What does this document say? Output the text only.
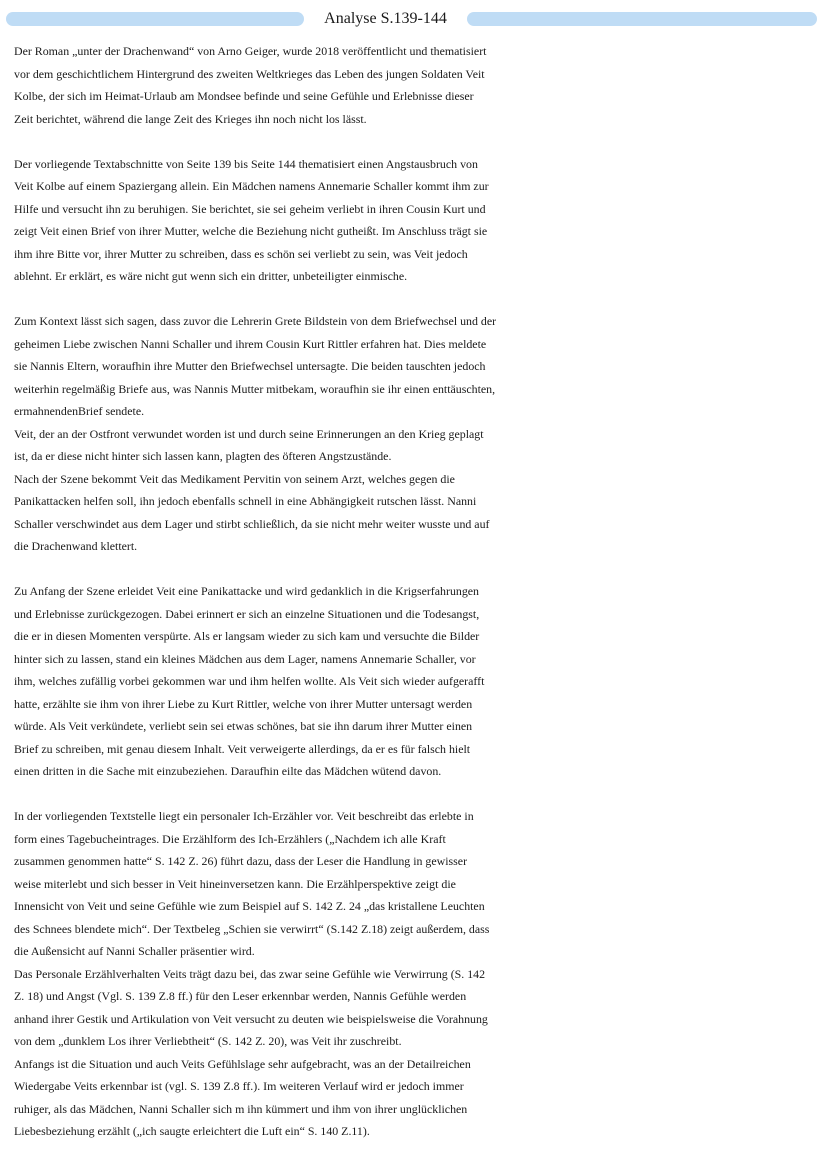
Analyse S.139-144
Der Roman „unter der Drachenwand“ von Arno Geiger, wurde 2018 veröffentlicht und thematisiert
vor dem geschichtlichem Hintergrund des zweiten Weltkrieges das Leben des jungen Soldaten Veit
Kolbe, der sich im Heimat-Urlaub am Mondsee befinde und seine Gefühle und Erlebnisse dieser
Zeit berichtet, während die lange Zeit des Krieges ihn noch nicht los lässt.
Der vorliegende Textabschnitte von Seite 139 bis Seite 144 thematisiert einen Angstausbruch von
Veit Kolbe auf einem Spaziergang allein. Ein Mädchen namens Annemarie Schaller kommt ihm zur
Hilfe und versucht ihn zu beruhigen. Sie berichtet, sie sei geheim verliebt in ihren Cousin Kurt und
zeigt Veit einen Brief von ihrer Mutter, welche die Beziehung nicht gutheißt. Im Anschluss trägt sie
ihm ihre Bitte vor, ihrer Mutter zu schreiben, dass es schön sei verliebt zu sein, was Veit jedoch
ablehnt. Er erklärt, es wäre nicht gut wenn sich ein dritter, unbeteiligter einmische.
Zum Kontext lässt sich sagen, dass zuvor die Lehrerin Grete Bildstein von dem Briefwechsel und der
geheimen Liebe zwischen Nanni Schaller und ihrem Cousin Kurt Rittler erfahren hat. Dies meldete
sie Nannis Eltern, woraufhin ihre Mutter den Briefwechsel untersagte. Die beiden tauschten jedoch
weiterhin regelmäßig Briefe aus, was Nannis Mutter mitbekam, woraufhin sie ihr einen enttäuschten,
ermahnendenBrief sendete.
Veit, der an der Ostfront verwundet worden ist und durch seine Erinnerungen an den Krieg geplagt
ist, da er diese nicht hinter sich lassen kann, plagten des öfteren Angstzustände.
Nach der Szene bekommt Veit das Medikament Pervitin von seinem Arzt, welches gegen die
Panikattacken helfen soll, ihn jedoch ebenfalls schnell in eine Abhängigkeit rutschen lässt. Nanni
Schaller verschwindet aus dem Lager und stirbt schließlich, da sie nicht mehr weiter wusste und auf
die Drachenwand klettert.
Zu Anfang der Szene erleidet Veit eine Panikattacke und wird gedanklich in die Krigserfahrungen
und Erlebnisse zurückgezogen. Dabei erinnert er sich an einzelne Situationen und die Todesangst,
die er in diesen Momenten verspürte. Als er langsam wieder zu sich kam und versuchte die Bilder
hinter sich zu lassen, stand ein kleines Mädchen aus dem Lager, namens Annemarie Schaller, vor
ihm, welches zufällig vorbei gekommen war und ihm helfen wollte. Als Veit sich wieder aufgerafft
hatte, erzählte sie ihm von ihrer Liebe zu Kurt Rittler, welche von ihrer Mutter untersagt werden
würde. Als Veit verkündete, verliebt sein sei etwas schönes, bat sie ihn darum ihrer Mutter einen
Brief zu schreiben, mit genau diesem Inhalt. Veit verweigerte allerdings, da er es für falsch hielt
einen dritten in die Sache mit einzubeziehen. Daraufhin eilte das Mädchen wütend davon.
In der vorliegenden Textstelle liegt ein personaler Ich-Erzähler vor. Veit beschreibt das erlebte in
form eines Tagebucheintrages. Die Erzählform des Ich-Erzählers („Nachdem ich alle Kraft
zusammen genommen hatte“ S. 142 Z. 26) führt dazu, dass der Leser die Handlung in gewisser
weise miterlebt und sich besser in Veit hineinversetzen kann. Die Erzählperspektive zeigt die
Innensicht von Veit und seine Gefühle wie zum Beispiel auf S. 142 Z. 24 „das kristallene Leuchten
des Schnees blendete mich“. Der Textbeleg „Schien sie verwirrt“ (S.142 Z.18) zeigt außerdem, dass
die Außensicht auf Nanni Schaller präsentier wird.
Das Personale Erzählverhalten Veits trägt dazu bei, das zwar seine Gefühle wie Verwirrung (S. 142
Z. 18) und Angst (Vgl. S. 139 Z.8 ff.) für den Leser erkennbar werden, Nannis Gefühle werden
anhand ihrer Gestik und Artikulation von Veit versucht zu deuten wie beispielsweise die Vorahnung
von dem „dunklem Los ihrer Verliebtheit“ (S. 142 Z. 20), was Veit ihr zuschreibt.
Anfangs ist die Situation und auch Veits Gefühlslage sehr aufgebracht, was an der Detailreichen
Wiedergabe Veits erkennbar ist (vgl. S. 139 Z.8 ff.). Im weiteren Verlauf wird er jedoch immer
ruhiger, als das Mädchen, Nanni Schaller sich m ihn kümmert und ihm von ihrer unglücklichen
Liebesbeziehung erzählt („ich saugte erleichtert die Luft ein“ S. 140 Z.11).
